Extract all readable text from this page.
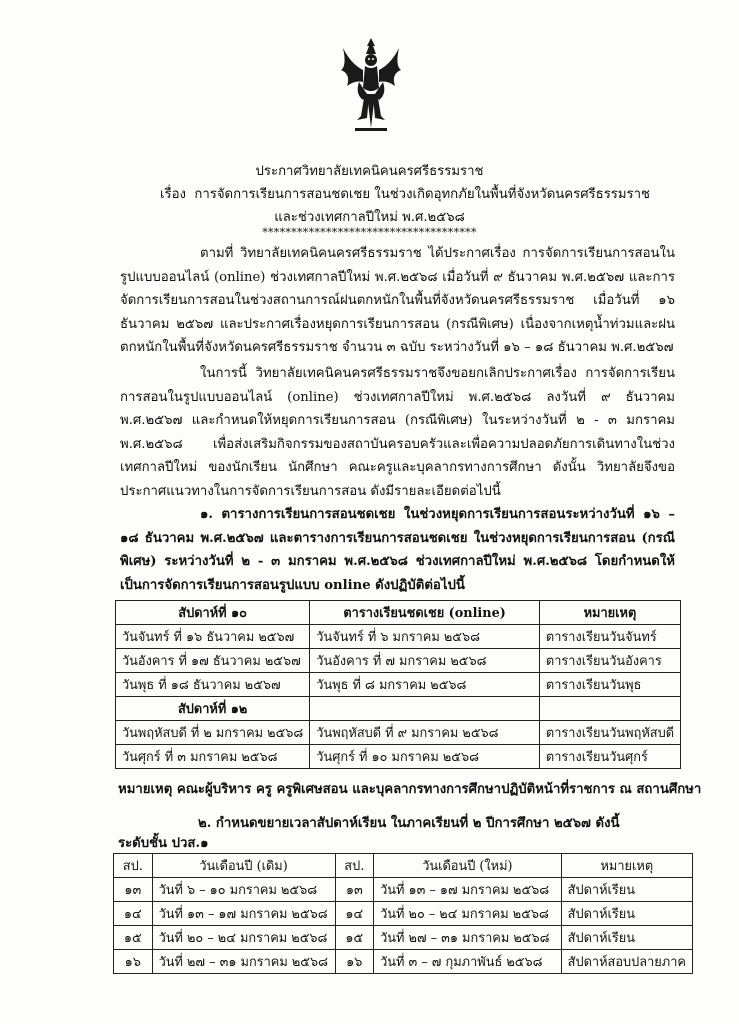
ประกาศวิทยาลัยเทคนิคนครศรีธรรมราช
เรื่อง การจัดการเรียนการสอนชดเชย ในช่วงเกิดอุทกภัยในพื้นที่จังหวัดนครศรีธรรมราช
และช่วงเทศกาลปีใหม่ พ.ศ.๒๕๖๘
*************************************
ตามที่ วิทยาลัยเทคนิคนครศรีธรรมราช ได้ประกาศเรื่อง การจัดการเรียนการสอนในรูปแบบออนไลน์ (online) ช่วงเทศกาลปีใหม่ พ.ศ.๒๕๖๘ เมื่อวันที่ ๙ ธันวาคม พ.ศ.๒๕๖๗ และการจัดการเรียนการสอนในช่วงสถานการณ์ฝนตกหนักในพื้นที่จังหวัดนครศรีธรรมราช เมื่อวันที่ ๑๖ ธันวาคม ๒๕๖๗ และประกาศเรื่องหยุดการเรียนการสอน (กรณีพิเศษ) เนื่องจากเหตุน้ำท่วมและฝนตกหนักในพื้นที่จังหวัดนครศรีธรรมราช จำนวน ๓ ฉบับ ระหว่างวันที่ ๑๖ – ๑๘ ธันวาคม พ.ศ.๒๕๖๗
ในการนี้ วิทยาลัยเทคนิคนครศรีธรรมราชจึงขอยกเลิกประกาศเรื่อง การจัดการเรียนการสอนในรูปแบบออนไลน์ (online) ช่วงเทศกาลปีใหม่ พ.ศ.๒๕๖๘ ลงวันที่ ๙ ธันวาคม พ.ศ.๒๕๖๗ และกำหนดให้หยุดการเรียนการสอน (กรณีพิเศษ) ในระหว่างวันที่ ๒ - ๓ มกราคม พ.ศ.๒๕๖๘ เพื่อส่งเสริมกิจกรรมของสถาบันครอบครัวและเพื่อความปลอดภัยการเดินทางในช่วงเทศกาลปีใหม่ ของนักเรียน นักศึกษา คณะครูและบุคลากรทางการศึกษา ดังนั้น วิทยาลัยจึงขอประกาศแนวทางในการจัดการเรียนการสอน ดังมีรายละเอียดต่อไปนี้
๑. ตารางการเรียนการสอนชดเชย ในช่วงหยุดการเรียนการสอนระหว่างวันที่ ๑๖ – ๑๘ ธันวาคม พ.ศ.๒๕๖๗ และตารางการเรียนการสอนชดเชย ในช่วงหยุดการเรียนการสอน (กรณีพิเศษ) ระหว่างวันที่ ๒ - ๓ มกราคม พ.ศ.๒๕๖๘ ช่วงเทศกาลปีใหม่ พ.ศ.๒๕๖๘ โดยกำหนดให้เป็นการจัดการเรียนการสอนรูปแบบ online ดังปฏิบัติต่อไปนี้
สัปดาห์ที่ ๑๐	ตารางเรียนชดเชย (online)	หมายเหตุ
วันจันทร์ ที่ ๑๖ ธันวาคม ๒๕๖๗	วันจันทร์ ที่ ๖ มกราคม ๒๕๖๘	ตารางเรียนวันจันทร์
วันอังคาร ที่ ๑๗ ธันวาคม ๒๕๖๗	วันอังคาร ที่ ๗ มกราคม ๒๕๖๘	ตารางเรียนวันอังคาร
วันพุธ ที่ ๑๘ ธันวาคม ๒๕๖๗	วันพุธ ที่ ๘ มกราคม ๒๕๖๘	ตารางเรียนวันพุธ
สัปดาห์ที่ ๑๒		
วันพฤหัสบดี ที่ ๒ มกราคม ๒๕๖๘	วันพฤหัสบดี ที่ ๙ มกราคม ๒๕๖๘	ตารางเรียนวันพฤหัสบดี
วันศุกร์ ที่ ๓ มกราคม ๒๕๖๘	วันศุกร์ ที่ ๑๐ มกราคม ๒๕๖๘	ตารางเรียนวันศุกร์
หมายเหตุ คณะผู้บริหาร ครู ครูพิเศษสอน และบุคลากรทางการศึกษาปฏิบัติหน้าที่ราชการ ณ สถานศึกษา
๒. กำหนดขยายเวลาสัปดาห์เรียน ในภาคเรียนที่ ๒ ปีการศึกษา ๒๕๖๗ ดังนี้
ระดับชั้น ปวส.๑
สป.	วันเดือนปี (เดิม)	สป.	วันเดือนปี (ใหม่)	หมายเหตุ
๑๓	วันที่ ๖ – ๑๐ มกราคม ๒๕๖๘	๑๓	วันที่ ๑๓ – ๑๗ มกราคม ๒๕๖๘	สัปดาห์เรียน
๑๔	วันที่ ๑๓ – ๑๗ มกราคม ๒๕๖๘	๑๔	วันที่ ๒๐ – ๒๔ มกราคม ๒๕๖๘	สัปดาห์เรียน
๑๕	วันที่ ๒๐ – ๒๔ มกราคม ๒๕๖๘	๑๕	วันที่ ๒๗ – ๓๑ มกราคม ๒๕๖๘	สัปดาห์เรียน
๑๖	วันที่ ๒๗ – ๓๑ มกราคม ๒๕๖๘	๑๖	วันที่ ๓ – ๗ กุมภาพันธ์ ๒๕๖๘	สัปดาห์สอบปลายภาค
